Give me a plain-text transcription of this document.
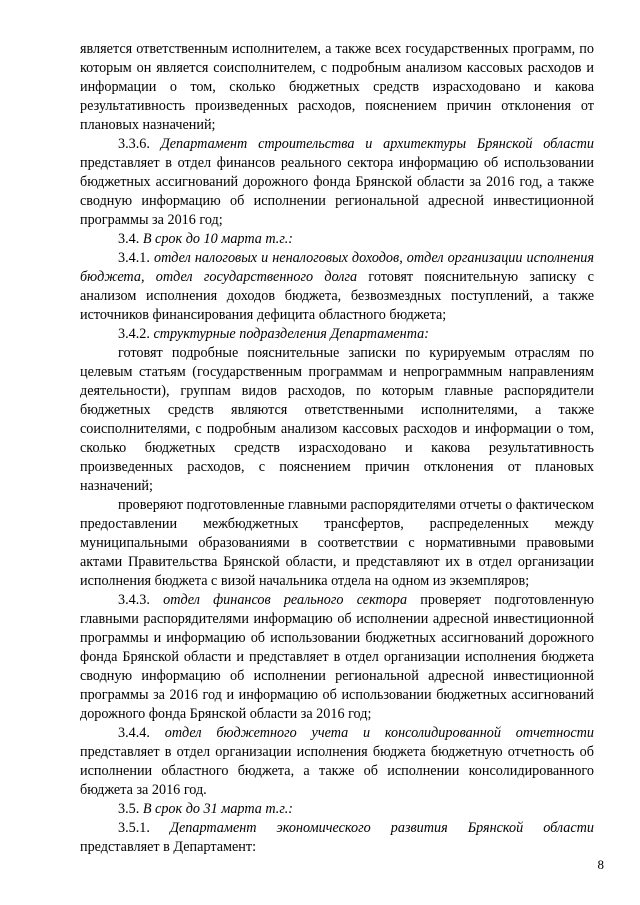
является ответственным исполнителем, а также всех государственных программ, по которым он является соисполнителем, с подробным анализом кассовых расходов и информации о том, сколько бюджетных средств израсходовано и какова результативность произведенных расходов, пояснением причин отклонения от плановых назначений;

3.3.6. Департамент строительства и архитектуры Брянской области представляет в отдел финансов реального сектора информацию об использовании бюджетных ассигнований дорожного фонда Брянской области за 2016 год, а также сводную информацию об исполнении региональной адресной инвестиционной программы за 2016 год;

3.4. В срок до 10 марта т.г.:

3.4.1. отдел налоговых и неналоговых доходов, отдел организации исполнения бюджета, отдел государственного долга готовят пояснительную записку с анализом исполнения доходов бюджета, безвозмездных поступлений, а также источников финансирования дефицита областного бюджета;

3.4.2. структурные подразделения Департамента:

готовят подробные пояснительные записки по курируемым отраслям по целевым статьям (государственным программам и непрограммным направлениям деятельности), группам видов расходов, по которым главные распорядители бюджетных средств являются ответственными исполнителями, а также соисполнителями, с подробным анализом кассовых расходов и информации о том, сколько бюджетных средств израсходовано и какова результативность произведенных расходов, с пояснением причин отклонения от плановых назначений;

проверяют подготовленные главными распорядителями отчеты о фактическом предоставлении межбюджетных трансфертов, распределенных между муниципальными образованиями в соответствии с нормативными правовыми актами Правительства Брянской области, и представляют их в отдел организации исполнения бюджета с визой начальника отдела на одном из экземпляров;

3.4.3. отдел финансов реального сектора проверяет подготовленную главными распорядителями информацию об исполнении адресной инвестиционной программы и информацию об использовании бюджетных ассигнований дорожного фонда Брянской области и представляет в отдел организации исполнения бюджета сводную информацию об исполнении региональной адресной инвестиционной программы за 2016 год и информацию об использовании бюджетных ассигнований дорожного фонда Брянской области за 2016 год;

3.4.4. отдел бюджетного учета и консолидированной отчетности представляет в отдел организации исполнения бюджета бюджетную отчетность об исполнении областного бюджета, а также об исполнении консолидированного бюджета за 2016 год.

3.5. В срок до 31 марта т.г.:

3.5.1. Департамент экономического развития Брянской области представляет в Департамент:

8
